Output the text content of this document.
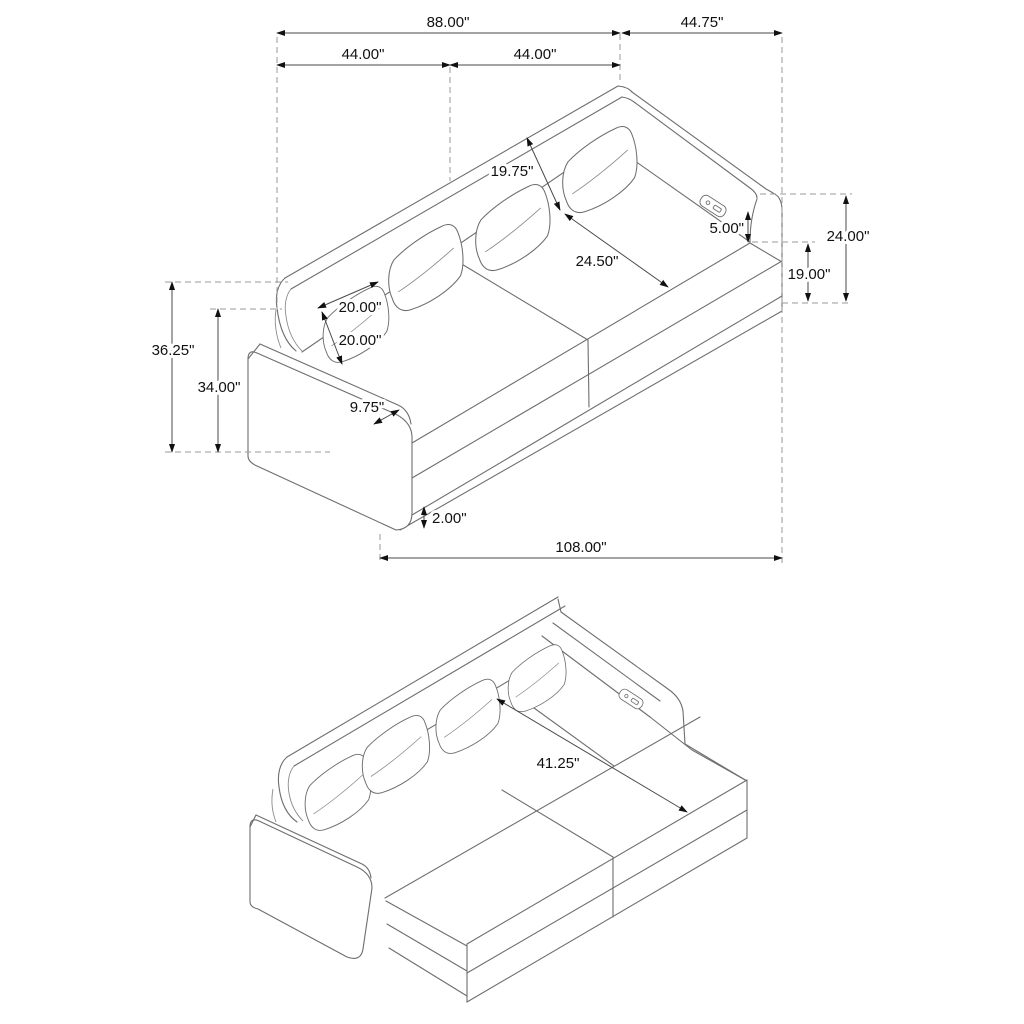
88.00"	44.75"
44.00"	44.00"
36.25"
34.00"
24.00"
19.00"
5.00"
19.75"
24.50"
20.00"
20.00"
9.75"
2.00"
108.00"
41.25"
